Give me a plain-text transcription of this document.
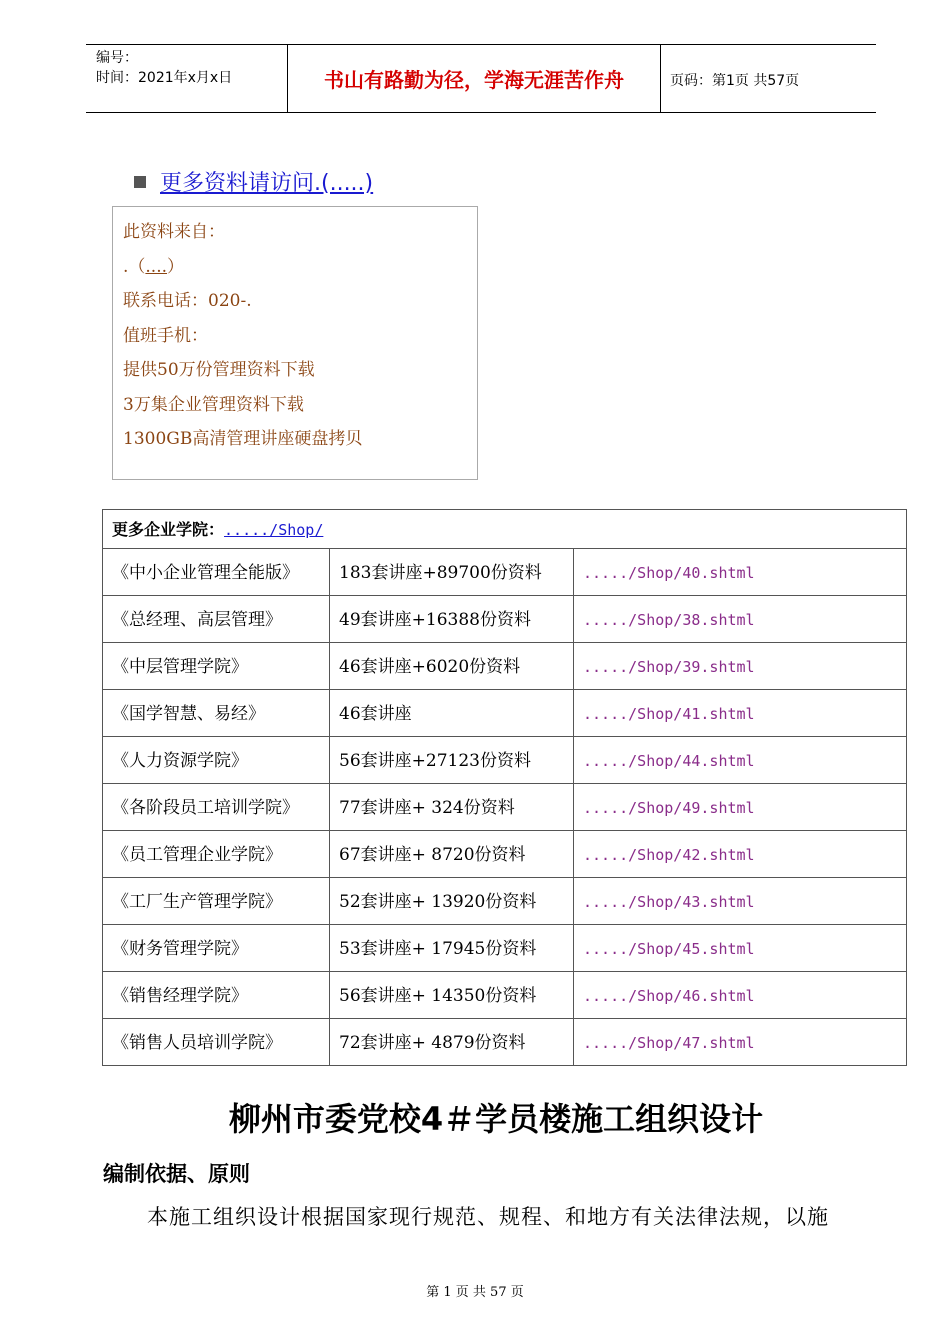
编号：
时间：2021年x月x日	书山有路勤为径，学海无涯苦作舟	页码：第1页 共57页
更多资料请访问.(.....)
此资料来自：
.（....）
联系电话：020-.
值班手机：
提供50万份管理资料下载
3万集企业管理资料下载
1300GB高清管理讲座硬盘拷贝
更多企业学院：...../Shop/		
《中小企业管理全能版》	183套讲座+89700份资料	...../Shop/40.shtml
《总经理、高层管理》	49套讲座+16388份资料	...../Shop/38.shtml
《中层管理学院》	46套讲座+6020份资料	...../Shop/39.shtml
《国学智慧、易经》	46套讲座	...../Shop/41.shtml
《人力资源学院》	56套讲座+27123份资料	...../Shop/44.shtml
《各阶段员工培训学院》	77套讲座+ 324份资料	...../Shop/49.shtml
《员工管理企业学院》	67套讲座+ 8720份资料	...../Shop/42.shtml
《工厂生产管理学院》	52套讲座+ 13920份资料	...../Shop/43.shtml
《财务管理学院》	53套讲座+ 17945份资料	...../Shop/45.shtml
《销售经理学院》	56套讲座+ 14350份资料	...../Shop/46.shtml
《销售人员培训学院》	72套讲座+ 4879份资料	...../Shop/47.shtml
柳州市委党校4＃学员楼施工组织设计
编制依据、原则
本施工组织设计根据国家现行规范、规程、和地方有关法律法规，以施
第 1 页 共 57 页
